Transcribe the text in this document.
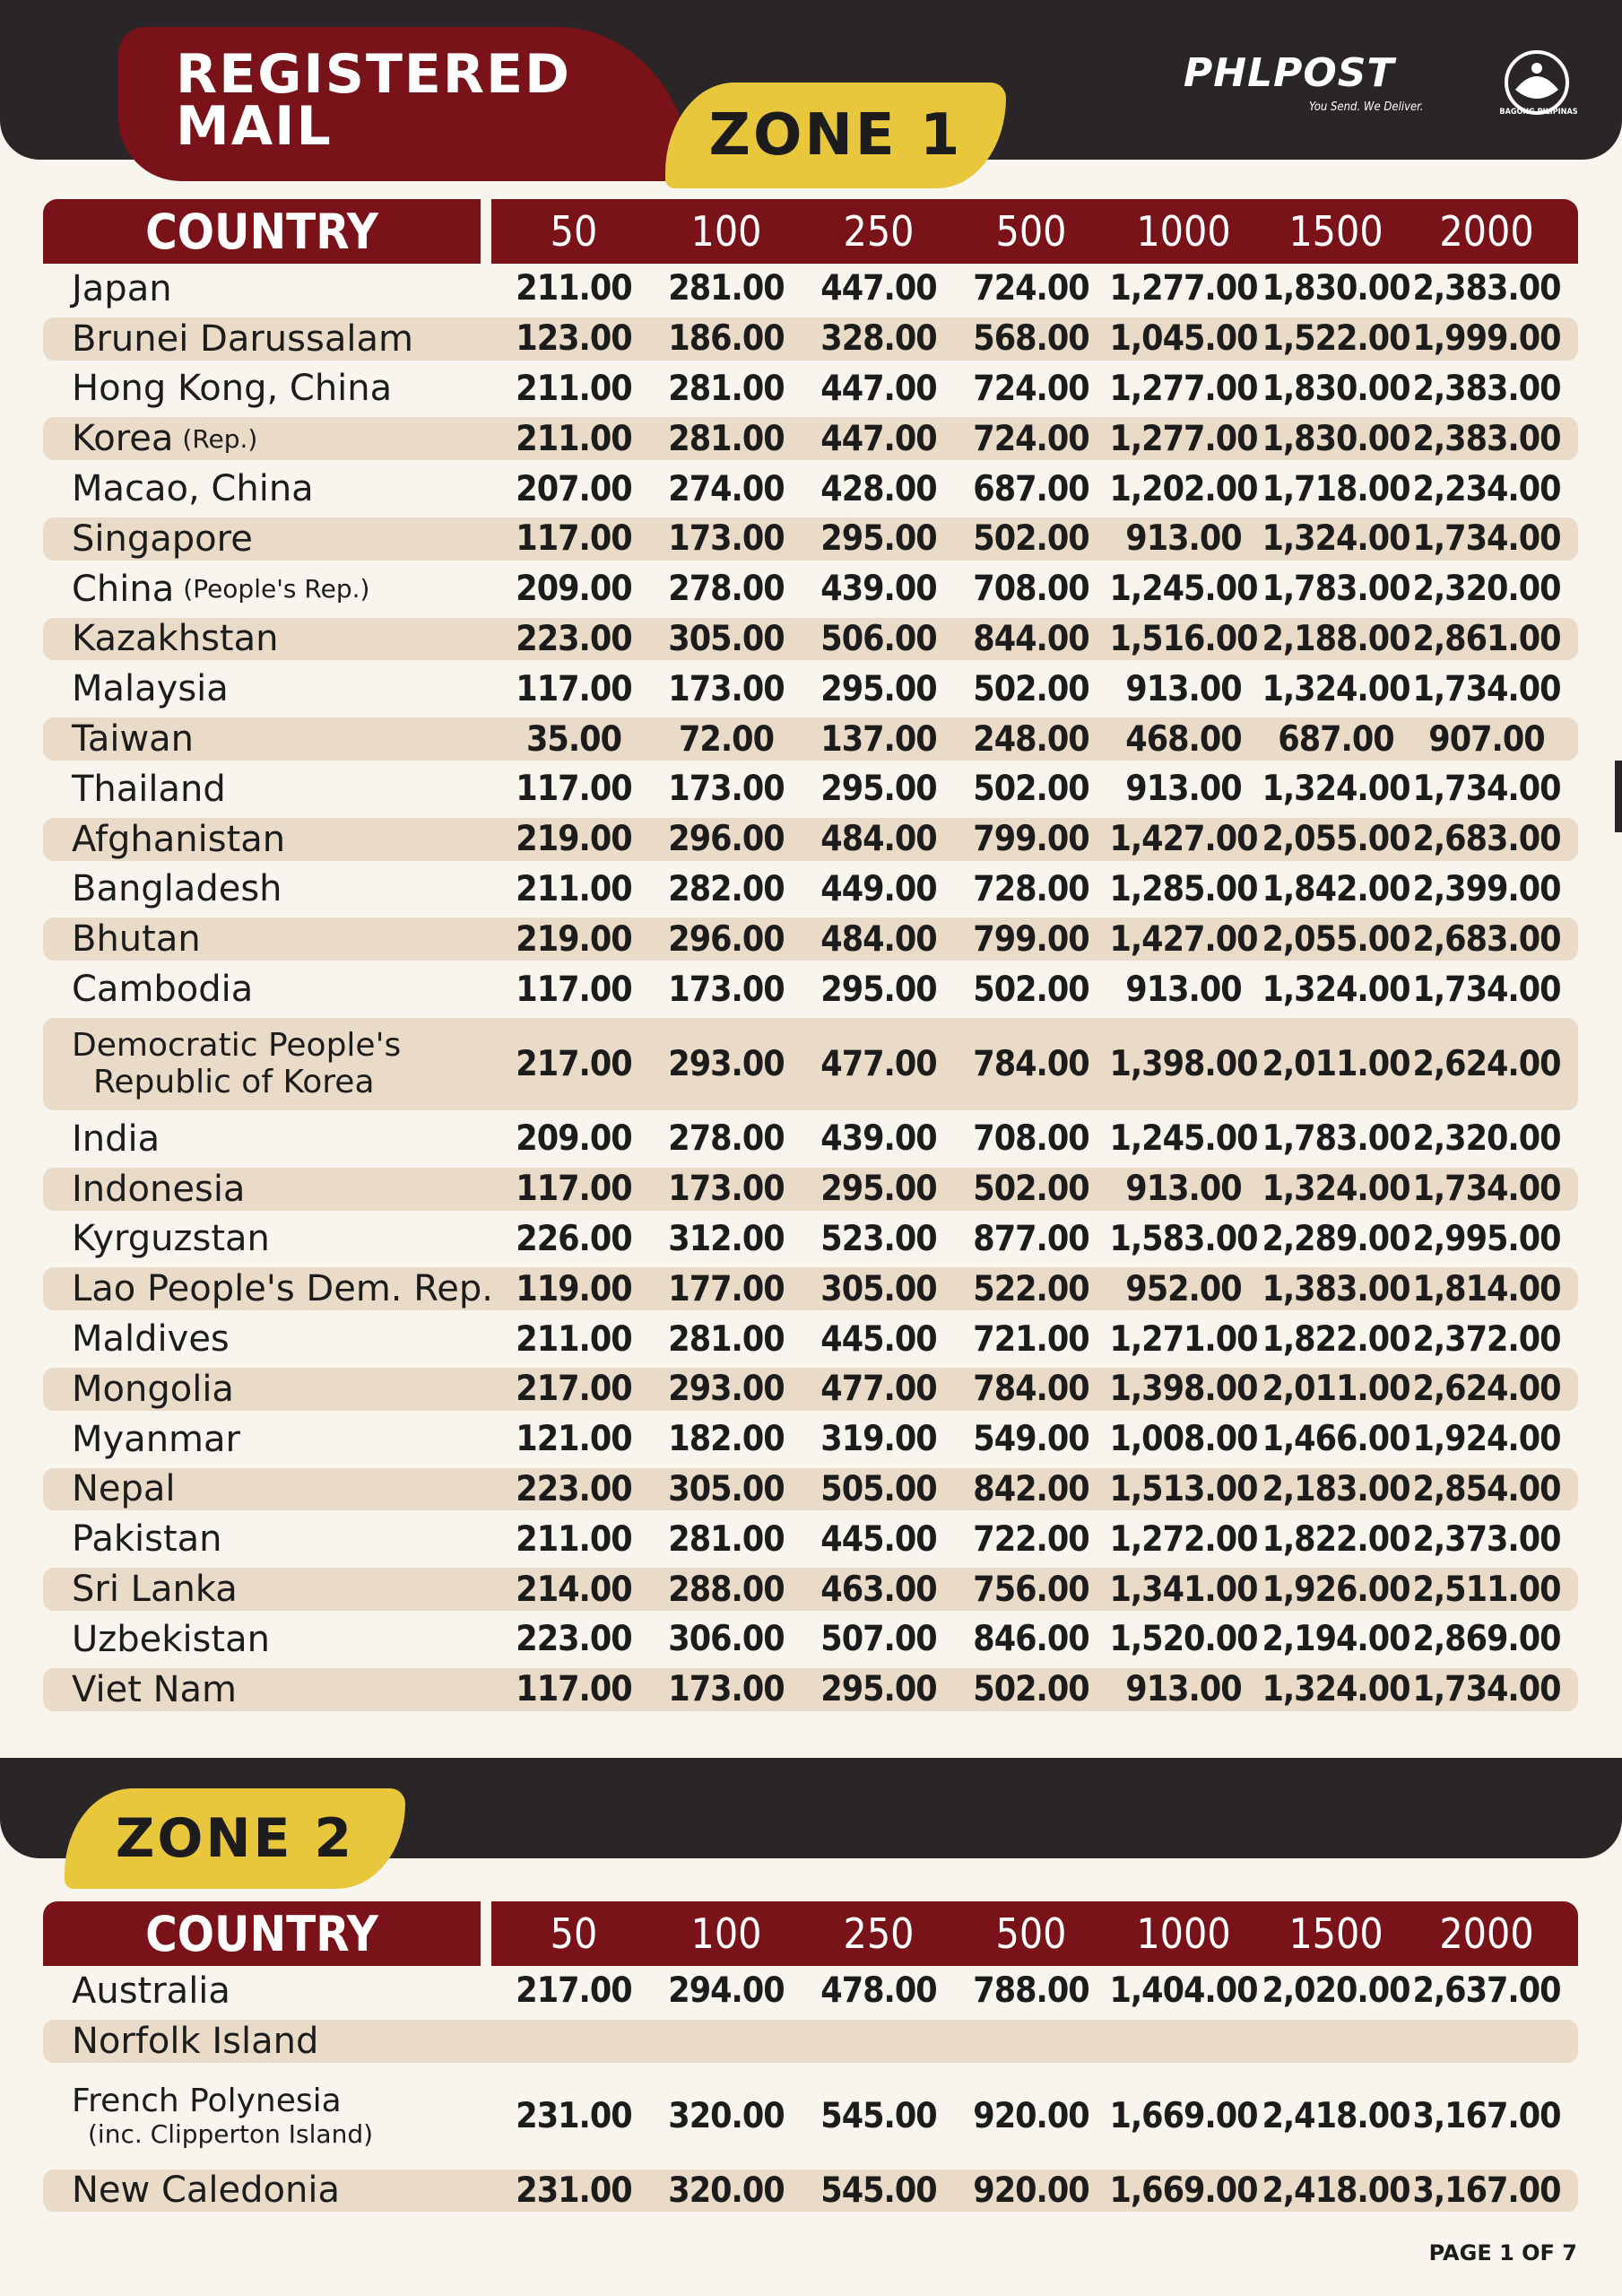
REGISTERED
MAIL	ZONE 1
PHLPOST
You Send. We Deliver.	BAGONG PILIPINAS
COUNTRY	50	100	250	500	1000	1500	2000
Japan	211.00	281.00	447.00	724.00 1,277.00 1,830.00 2,383.00
Brunei Darussalam	123.00	186.00	328.00	568.00 1,045.00 1,522.00 1,999.00
Hong Kong, China	211.00	281.00	447.00	724.00 1,277.00 1,830.00 2,383.00
Korea (Rep.)	211.00	281.00	447.00	724.00 1,277.00 1,830.00 2,383.00
Macao, China	207.00	274.00	428.00	687.00 1,202.00 1,718.00 2,234.00
Singapore	117.00	173.00	295.00	502.00	913.00 1,324.00 1,734.00
China (People's Rep.)	209.00	278.00	439.00	708.00 1,245.00 1,783.00 2,320.00
Kazakhstan	223.00	305.00	506.00	844.00 1,516.00 2,188.00 2,861.00
Malaysia	117.00	173.00	295.00	502.00	913.00 1,324.00 1,734.00
Taiwan	35.00	72.00	137.00	248.00	468.00	687.00 907.00
Thailand	117.00	173.00	295.00	502.00	913.00 1,324.00 1,734.00
Afghanistan	219.00	296.00	484.00	799.00 1,427.00 2,055.00 2,683.00
Bangladesh	211.00	282.00	449.00	728.00 1,285.00 1,842.00 2,399.00
Bhutan	219.00	296.00	484.00	799.00 1,427.00 2,055.00 2,683.00
Cambodia	117.00	173.00	295.00	502.00	913.00 1,324.00 1,734.00
Democratic People's
Republic of Korea	217.00	293.00	477.00	784.00 1,398.00 2,011.00 2,624.00
India	209.00	278.00	439.00	708.00 1,245.00 1,783.00 2,320.00
Indonesia	117.00	173.00	295.00	502.00	913.00 1,324.00 1,734.00
Kyrguzstan	226.00	312.00	523.00	877.00 1,583.00 2,289.00 2,995.00
Lao People's Dem. Rep. 119.00	177.00	305.00	522.00	952.00 1,383.00 1,814.00
Maldives	211.00	281.00	445.00	721.00 1,271.00 1,822.00 2,372.00
Mongolia	217.00	293.00	477.00	784.00 1,398.00 2,011.00 2,624.00
Myanmar	121.00	182.00	319.00	549.00 1,008.00 1,466.00 1,924.00
Nepal	223.00	305.00	505.00	842.00 1,513.00 2,183.00 2,854.00
Pakistan	211.00	281.00	445.00	722.00 1,272.00 1,822.00 2,373.00
Sri Lanka	214.00	288.00	463.00	756.00 1,341.00 1,926.00 2,511.00
Uzbekistan	223.00	306.00	507.00	846.00 1,520.00 2,194.00 2,869.00
Viet Nam	117.00	173.00	295.00	502.00	913.00 1,324.00 1,734.00
ZONE 2
COUNTRY	50	100	250	500	1000	1500	2000
Australia	217.00	294.00	478.00	788.00 1,404.00 2,020.00 2,637.00
Norfolk Island
French Polynesia
(inc. Clipperton Island)	231.00	320.00	545.00	920.00 1,669.00 2,418.00 3,167.00
New Caledonia	231.00	320.00	545.00	920.00 1,669.00 2,418.00 3,167.00
PAGE 1 OF 7
